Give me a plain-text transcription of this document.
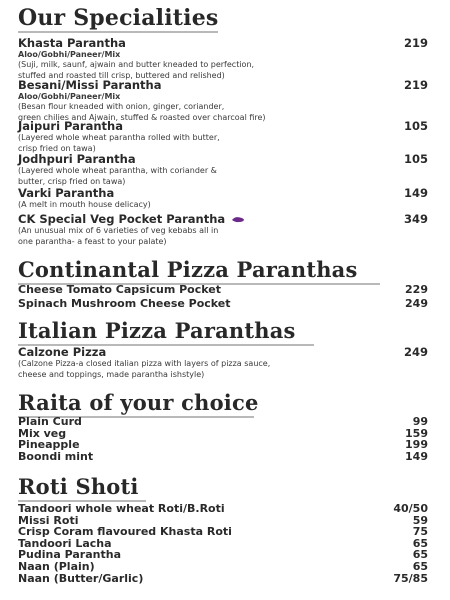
Our Specialities
Khasta Parantha	219
Aloo/Gobhi/Paneer/Mix
(Suji, milk, saunf, ajwain and butter kneaded to perfection,
stuffed and roasted till crisp, buttered and relished)
Besani/Missi Parantha	219
Aloo/Gobhi/Paneer/Mix
(Besan flour kneaded with onion, ginger, coriander,
green chilies and Ajwain, stuffed & roasted over charcoal fire)
Jaipuri Parantha	105
(Layered whole wheat parantha rolled with butter,
crisp fried on tawa)
Jodhpuri Parantha	105
(Layered whole wheat parantha, with coriander &
butter, crisp fried on tawa)
Varki Parantha	149
(A melt in mouth house delicacy)
CK Special Veg Pocket Parantha	349
(An unusual mix of 6 varieties of veg kebabs all in
one parantha- a feast to your palate)
Continantal Pizza Paranthas
Cheese Tomato Capsicum Pocket	229
Spinach Mushroom Cheese Pocket	249
Italian Pizza Paranthas
Calzone Pizza	249
(Calzone Pizza-a closed italian pizza with layers of pizza sauce,
cheese and toppings, made parantha ishstyle)
Raita of your choice
Plain Curd	99
Mix veg	159
Pineapple	199
Boondi mint	149
Roti Shoti
Tandoori whole wheat Roti/B.Roti	40/50
Missi Roti	59
Crisp Coram flavoured Khasta Roti	75
Tandoori Lacha	65
Pudina Parantha	65
Naan (Plain)	65
Naan (Butter/Garlic)	75/85
